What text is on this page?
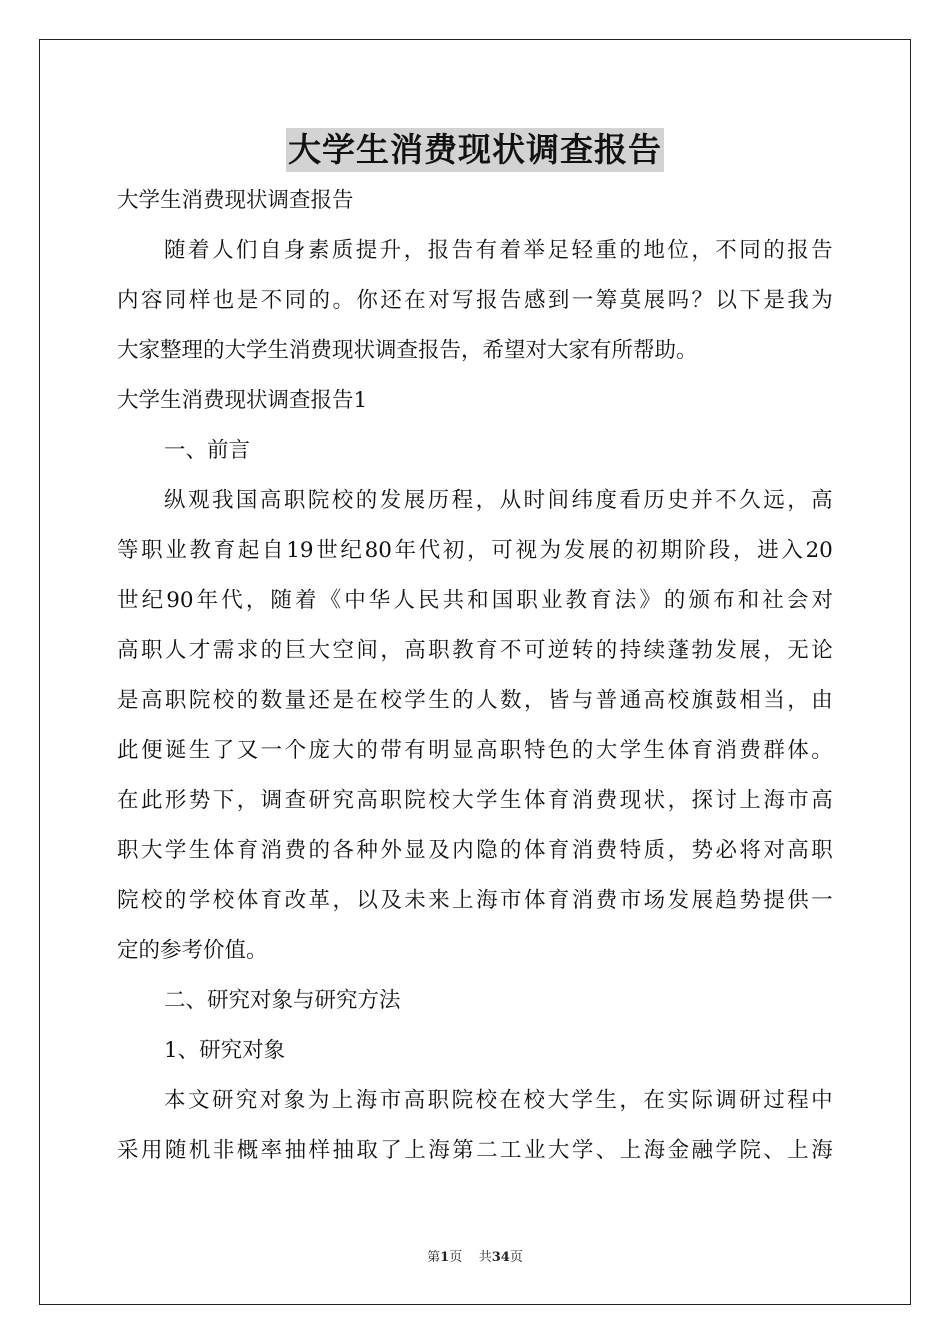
大学生消费现状调查报告
大学生消费现状调查报告
随 着 人 们 自 身 素 质 提 升 ， 报 告 有 着 举 足 轻 重 的 地 位 ， 不 同 的 报 告
内 容 同 样 也 是 不 同 的 。 你 还 在 对 写 报 告 感 到 一 筹 莫 展 吗 ？ 以 下 是 我 为
大家整理的大学生消费现状调查报告，希望对大家有所帮助。
大学生消费现状调查报告1
一、前言
纵 观 我 国 高 职 院 校 的 发 展 历 程 ， 从 时 间 纬 度 看 历 史 并 不 久 远 ， 高
等 职 业 教 育 起 自 19 世 纪 80 年 代 初 ， 可 视 为 发 展 的 初 期 阶 段 ， 进 入 20
世 纪 90 年 代 ， 随 着 《 中 华 人 民 共 和 国 职 业 教 育 法 》 的 颁 布 和 社 会 对
高 职 人 才 需 求 的 巨 大 空 间 ， 高 职 教 育 不 可 逆 转 的 持 续 蓬 勃 发 展 ， 无 论
是 高 职 院 校 的 数 量 还 是 在 校 学 生 的 人 数 ， 皆 与 普 通 高 校 旗 鼓 相 当 ， 由
此 便 诞 生 了 又 一 个 庞 大 的 带 有 明 显 高 职 特 色 的 大 学 生 体 育 消 费 群 体 。
在 此 形 势 下 ， 调 查 研 究 高 职 院 校 大 学 生 体 育 消 费 现 状 ， 探 讨 上 海 市 高
职 大 学 生 体 育 消 费 的 各 种 外 显 及 内 隐 的 体 育 消 费 特 质 ， 势 必 将 对 高 职
院 校 的 学 校 体 育 改 革 ， 以 及 未 来 上 海 市 体 育 消 费 市 场 发 展 趋 势 提 供 一
定的参考价值。
二、研究对象与研究方法
1、研究对象
本 文 研 究 对 象 为 上 海 市 高 职 院 校 在 校 大 学 生 ， 在 实 际 调 研 过 程 中
采 用 随 机 非 概 率 抽 样 抽 取 了 上 海 第 二 工 业 大 学 、 上 海 金 融 学 院 、 上 海
第1页 共34页
